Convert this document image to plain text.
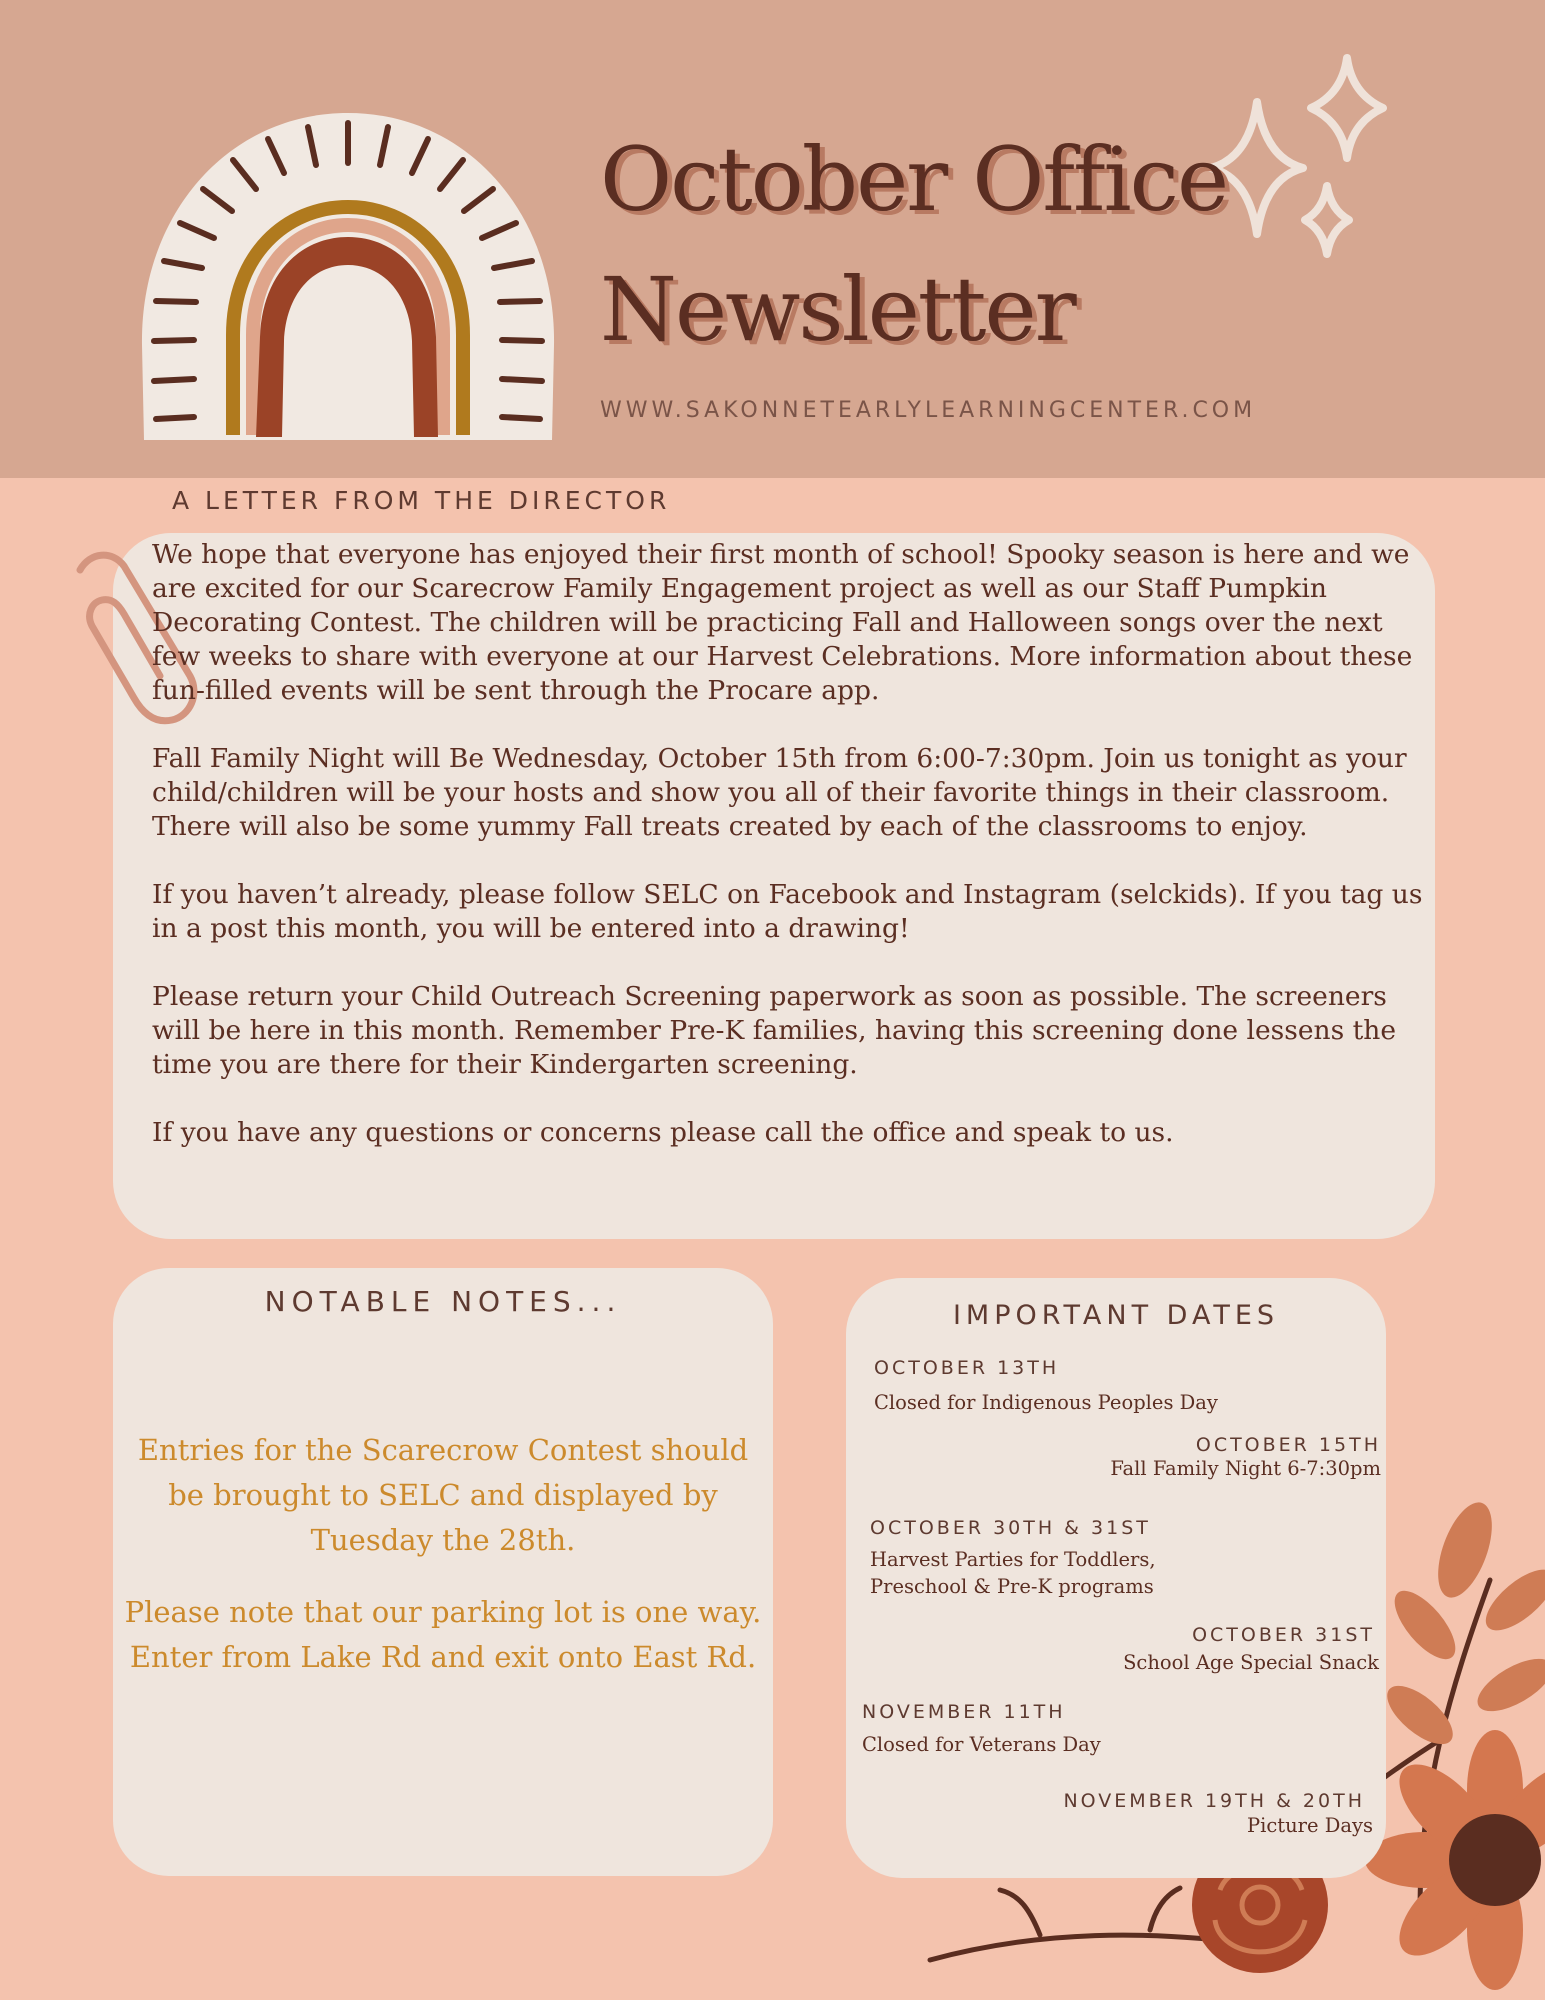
October Office
Newsletter
WWW.SAKONNETEARLYLEARNINGCENTER.COM
A LETTER FROM THE DIRECTOR

We hope that everyone has enjoyed their first month of school! Spooky season is here and we are excited for our Scarecrow Family Engagement project as well as our Staff Pumpkin Decorating Contest. The children will be practicing Fall and Halloween songs over the next few weeks to share with everyone at our Harvest Celebrations. More information about these fun-filled events will be sent through the Procare app.

Fall Family Night will Be Wednesday, October 15th from 6:00-7:30pm. Join us tonight as your child/children will be your hosts and show you all of their favorite things in their classroom. There will also be some yummy Fall treats created by each of the classrooms to enjoy.

If you haven’t already, please follow SELC on Facebook and Instagram (selckids). If you tag us in a post this month, you will be entered into a drawing!

Please return your Child Outreach Screening paperwork as soon as possible. The screeners will be here in this month. Remember Pre-K families, having this screening done lessens the time you are there for their Kindergarten screening.

If you have any questions or concerns please call the office and speak to us.

NOTABLE NOTES...

Entries for the Scarecrow Contest should be brought to SELC and displayed by Tuesday the 28th.

Please note that our parking lot is one way. Enter from Lake Rd and exit onto East Rd.

IMPORTANT DATES
OCTOBER 13TH
Closed for Indigenous Peoples Day
OCTOBER 15TH
Fall Family Night 6-7:30pm
OCTOBER 30TH & 31ST
Harvest Parties for Toddlers,
Preschool & Pre-K programs
OCTOBER 31ST
School Age Special Snack
NOVEMBER 11TH
Closed for Veterans Day
NOVEMBER 19TH & 20TH
Picture Days
